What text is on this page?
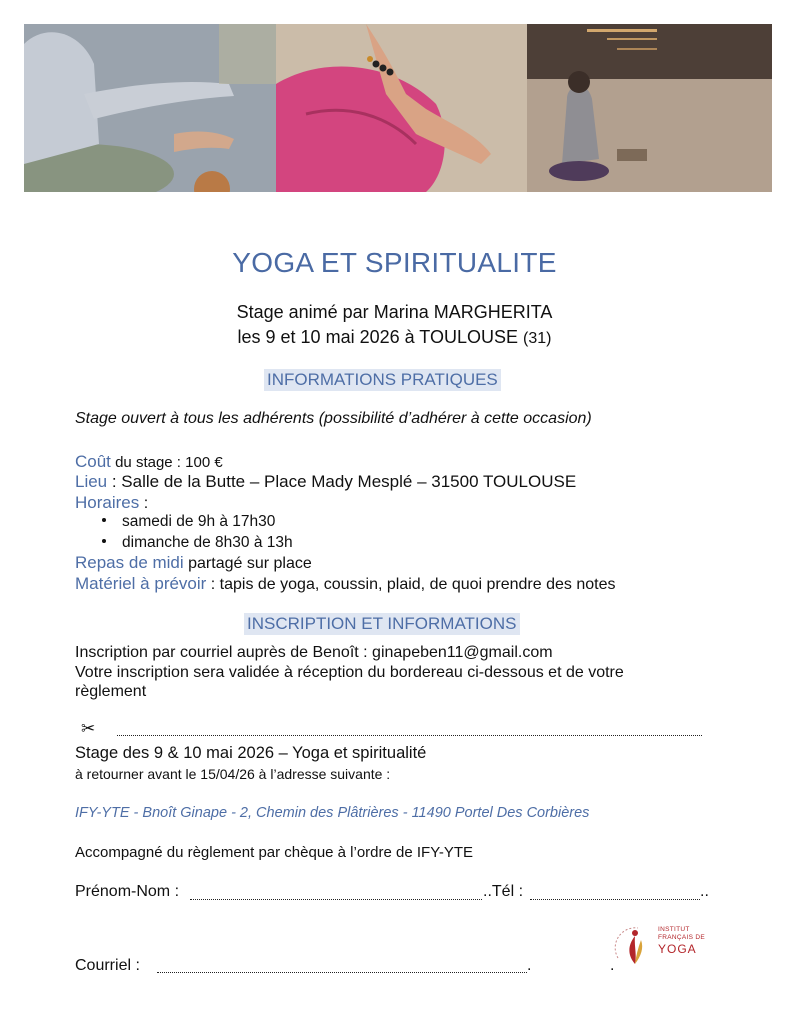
YOGA ET SPIRITUALITE
Stage animé par Marina MARGHERITA
les 9 et 10 mai 2026 à TOULOUSE (31)
INFORMATIONS PRATIQUES
Stage ouvert à tous les adhérents (possibilité d’adhérer à cette occasion)
Coût du stage : 100 €
Lieu : Salle de la Butte – Place Mady Mesplé – 31500 TOULOUSE
Horaires :
samedi de 9h à 17h30
dimanche de 8h30 à 13h
Repas de midi partagé sur place
Matériel à prévoir : tapis de yoga, coussin, plaid, de quoi prendre des notes
INSCRIPTION ET INFORMATIONS
Inscription par courriel auprès de Benoît : ginapeben11@gmail.com
Votre inscription sera validée à réception du bordereau ci-dessous et de votre
règlement
✂
Stage des 9 & 10 mai 2026 – Yoga et spiritualité
à retourner avant le 15/04/26 à l’adresse suivante :
IFY-YTE - Bnoît Ginape - 2, Chemin des Plâtrières - 11490 Portel Des Corbières
Accompagné du règlement par chèque à l’ordre de IFY-YTE
Prénom-Nom :	..Tél :	..
Courriel :	.	.
INSTITUT
FRANÇAIS DE
YOGA
